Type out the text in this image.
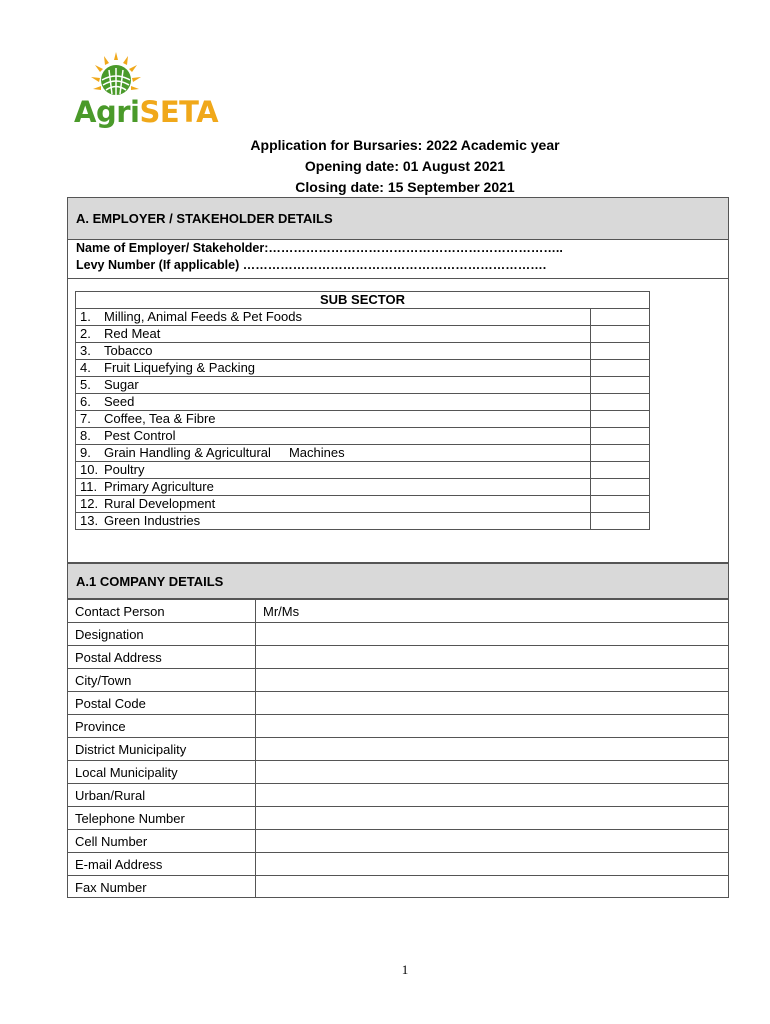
AgriSETA
Application for Bursaries: 2022 Academic year
Opening date: 01 August 2021
Closing date: 15 September 2021
A. EMPLOYER / STAKEHOLDER DETAILS
Name of Employer/ Stakeholder:……………………………………………………………..
Levy Number (If applicable) ……………………………………………………………….
SUB SECTOR	
1. Milling, Animal Feeds & Pet Foods	
2. Red Meat	
3. Tobacco	
4. Fruit Liquefying & Packing	
5. Sugar	
6. Seed	
7. Coffee, Tea & Fibre	
8. Pest Control	
9. Grain Handling & Agricultural     Machines	
10. Poultry	
11. Primary Agriculture	
12. Rural Development	
13. Green Industries	
A.1 COMPANY DETAILS
Contact Person	Mr/Ms
Designation	
Postal Address	
City/Town	
Postal Code	
Province	
District Municipality	
Local Municipality	
Urban/Rural	
Telephone Number	
Cell Number	
E-mail Address	
Fax Number	
1
